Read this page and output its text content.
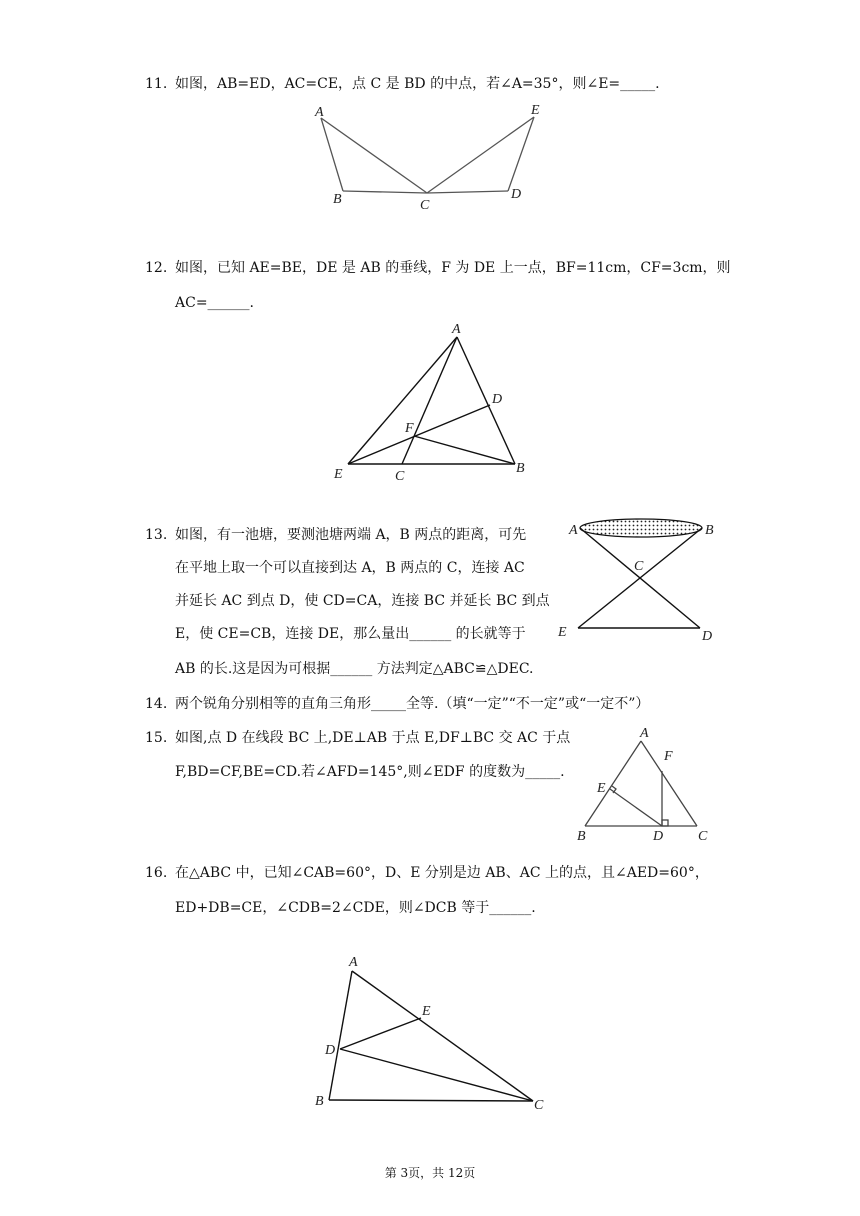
11. 如图，AB=ED，AC=CE，点 C 是 BD 的中点，若∠A=35°，则∠E=_____.
A	E
B	C
D
12. 如图，已知 AE=BE，DE 是 AB 的垂线，F 为 DE 上一点，BF=11cm，CF=3cm，则
AC=______.
A
D
F
E	C
B
13. 如图，有一池塘，要测池塘两端 A，B 两点的距离，可先
在平地上取一个可以直接到达 A，B 两点的 C，连接 AC
并延长 AC 到点 D，使 CD=CA，连接 BC 并延长 BC 到点
E，使 CE=CB，连接 DE，那么量出______ 的长就等于
AB 的长.这是因为可根据______ 方法判定△ABC≌△DEC.
A	B
C
E	D
14. 两个锐角分别相等的直角三角形_____全等.（填“一定”“不一定”或“一定不”）
15. 如图,点 D 在线段 BC 上,DE⊥AB 于点 E,DF⊥BC 交 AC 于点
F,BD=CF,BE=CD.若∠AFD=145°,则∠EDF 的度数为_____.
A
F
E
B	D C
16. 在△ABC 中，已知∠CAB=60°，D、E 分别是边 AB、AC 上的点，且∠AED=60°，
ED+DB=CE，∠CDB=2∠CDE，则∠DCB 等于______.
A
E
D
B	C
第 3页，共 12页
